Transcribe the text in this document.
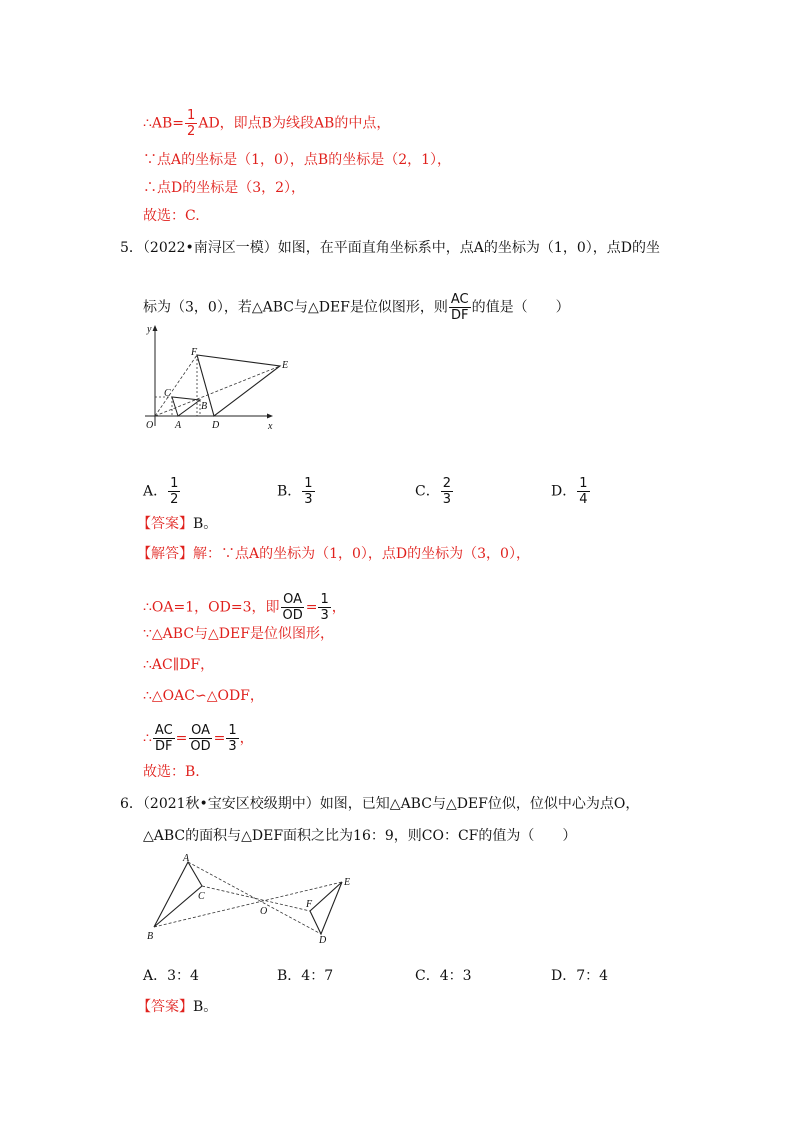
∴AB= $\frac{1}{2}$ AD，即点B为线段AB的中点，
∵点A的坐标是（1，0），点B的坐标是（2，1），
∴点D的坐标是（3，2），
故选：C.
5．（2022•南浔区一模）如图，在平面直角坐标系中，点A的坐标为（1，0），点D的坐
标为（3，0），若△ABC与△DEF是位似图形，则 $\frac{AC}{DF}$ 的值是（　　）
y
x
O A	D
B
C
E
F
A． $\frac{1}{2}$	B． $\frac{1}{3}$	C． $\frac{2}{3}$	D． $\frac{1}{4}$
【答案】B。
【解答】解：∵点A的坐标为（1，0），点D的坐标为（3，0），
∴OA=1，OD=3，即 $\frac{OA}{OD} = \frac{1}{3}$ ，
∵△ABC与△DEF是位似图形，
∴AC∥DF，
∴△OAC∽△ODF，
∴ $\frac{AC}{DF} = \frac{OA}{OD} = \frac{1}{3}$ ，
故选：B.
6．（2021秋•宝安区校级期中）如图，已知△ABC与△DEF位似，位似中心为点O，
△ABC的面积与△DEF面积之比为16：9，则CO：CF的值为（　　）
A
B
C
O
E
F
D
A．3：4	B．4：7	C．4：3	D．7：4
【答案】B。
